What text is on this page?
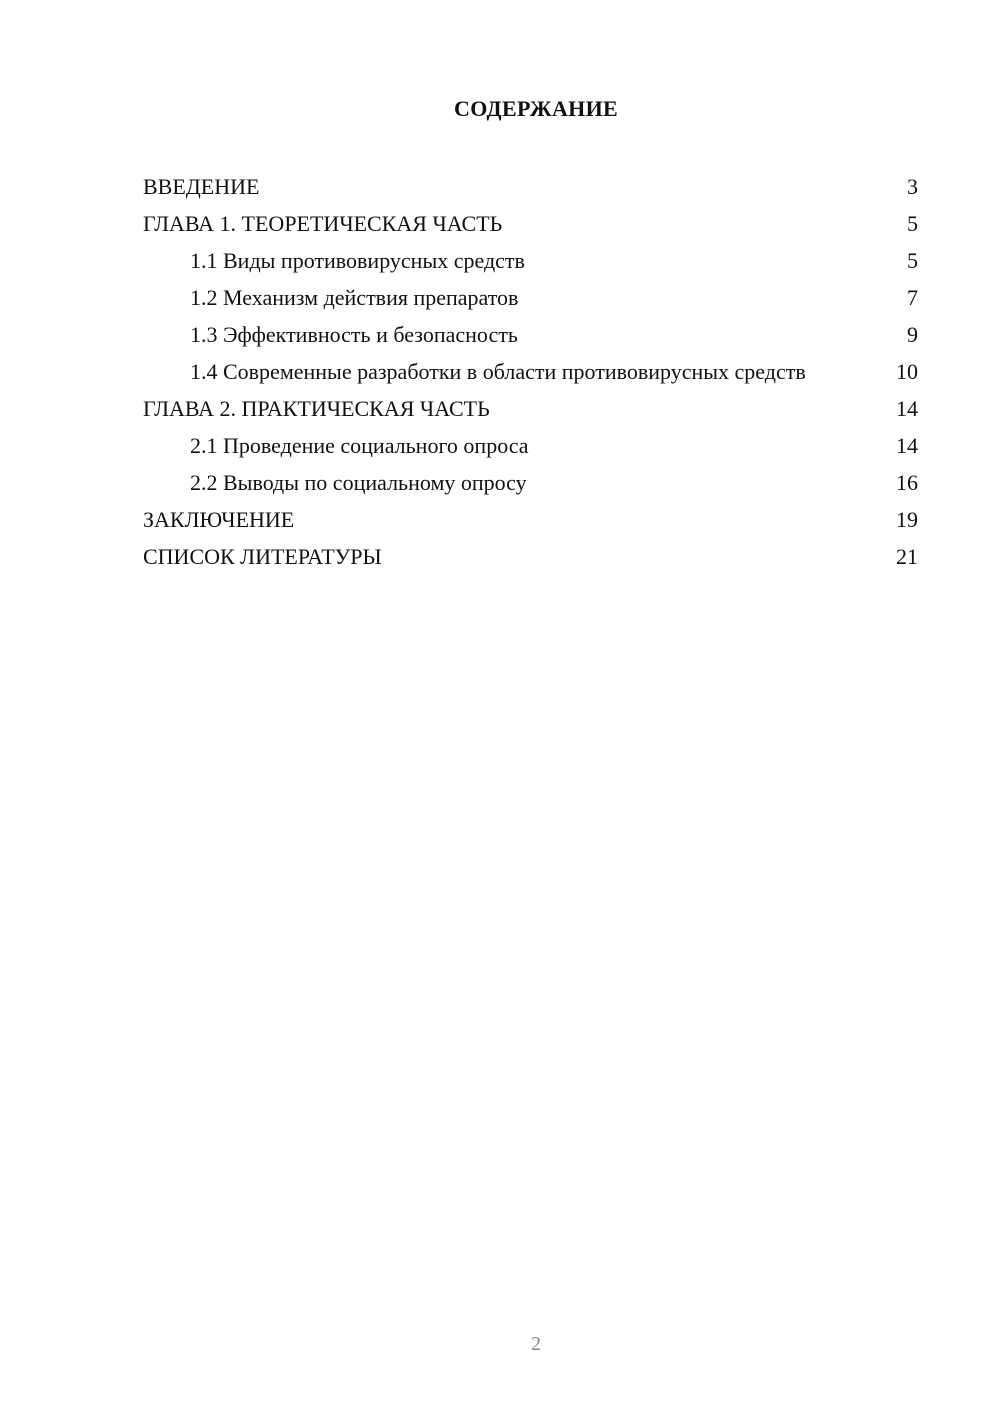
СОДЕРЖАНИЕ
ВВЕДЕНИЕ	3
ГЛАВА 1. ТЕОРЕТИЧЕСКАЯ ЧАСТЬ	5
1.1 Виды противовирусных средств	5
1.2 Механизм действия препаратов	7
1.3 Эффективность и безопасность	9
1.4 Современные разработки в области противовирусных средств	10
ГЛАВА 2. ПРАКТИЧЕСКАЯ ЧАСТЬ	14
2.1 Проведение социального опроса	14
2.2 Выводы по социальному опросу	16
ЗАКЛЮЧЕНИЕ	19
СПИСОК ЛИТЕРАТУРЫ	21
2
